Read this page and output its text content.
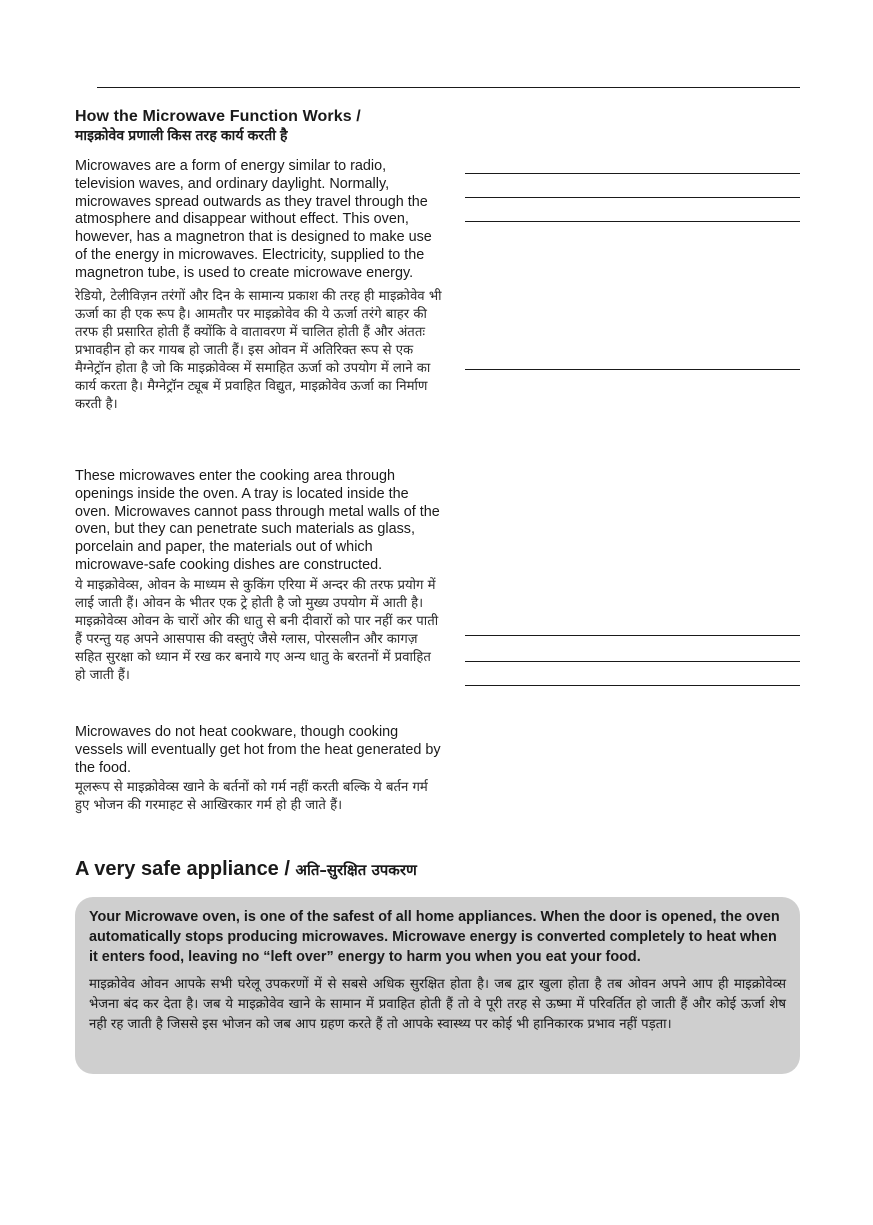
How the Microwave Function Works /
माइक्रोवेव प्रणाली किस तरह कार्य करती है

Microwaves are a form of energy similar to radio, television waves, and ordinary daylight. Normally, microwaves spread outwards as they travel through the atmosphere and disappear without effect. This oven, however, has a magnetron that is designed to make use of the energy in microwaves. Electricity, supplied to the magnetron tube, is used to create microwave energy.

रेडियो, टेलीविज़न तरंगों और दिन के सामान्य प्रकाश की तरह ही माइक्रोवेव भी ऊर्जा का ही एक रूप है। आमतौर पर माइक्रोवेव की ये ऊर्जा तरंगे बाहर की तरफ ही प्रसारित होती हैं क्योंकि वे वातावरण में चालित होती हैं और अंततः प्रभावहीन हो कर गायब हो जाती हैं। इस ओवन में अतिरिक्त रूप से एक मैग्नेट्रॉन होता है जो कि माइक्रोवेव्स में समाहित ऊर्जा को उपयोग में लाने का कार्य करता है। मैग्नेट्रॉन ट्यूब में प्रवाहित विद्युत, माइक्रोवेव ऊर्जा का निर्माण करती है।

These microwaves enter the cooking area through openings inside the oven. A tray is located inside the oven. Microwaves cannot pass through metal walls of the oven, but they can penetrate such materials as glass, porcelain and paper, the materials out of which microwave-safe cooking dishes are constructed.

ये माइक्रोवेव्स, ओवन के माध्यम से कुकिंग एरिया में अन्दर की तरफ प्रयोग में लाई जाती हैं। ओवन के भीतर एक ट्रे होती है जो मुख्य उपयोग में आती है। माइक्रोवेव्स ओवन के चारों ओर की धातु से बनी दीवारों को पार नहीं कर पाती हैं परन्तु यह अपने आसपास की वस्तुएं जैसे ग्लास, पोरसलीन और कागज़ सहित सुरक्षा को ध्यान में रख कर बनाये गए अन्य धातु के बरतनों में प्रवाहित हो जाती हैं।

Microwaves do not heat cookware, though cooking vessels will eventually get hot from the heat generated by the food.

मूलरूप से माइक्रोवेव्स खाने के बर्तनों को गर्म नहीं करती बल्कि ये बर्तन गर्म हुए भोजन की गरमाहट से आखिरकार गर्म हो ही जाते हैं।

A very safe appliance / अति–सुरक्षित उपकरण

Your Microwave oven, is one of the safest of all home appliances. When the door is opened, the oven automatically stops producing microwaves. Microwave energy is converted completely to heat when it enters food, leaving no “left over” energy to harm you when you eat your food.

माइक्रोवेव ओवन आपके सभी घरेलू उपकरणों में से सबसे अधिक सुरक्षित होता है। जब द्वार खुला होता है तब ओवन अपने आप ही माइक्रोवेव्स भेजना बंद कर देता है। जब ये माइक्रोवेव खाने के सामान में प्रवाहित होती हैं तो वे पूरी तरह से ऊष्मा में परिवर्तित हो जाती हैं और कोई ऊर्जा शेष नही रह जाती है जिससे इस भोजन को जब आप ग्रहण करते हैं तो आपके स्वास्थ्य पर कोई भी हानिकारक प्रभाव नहीं पड़ता।
